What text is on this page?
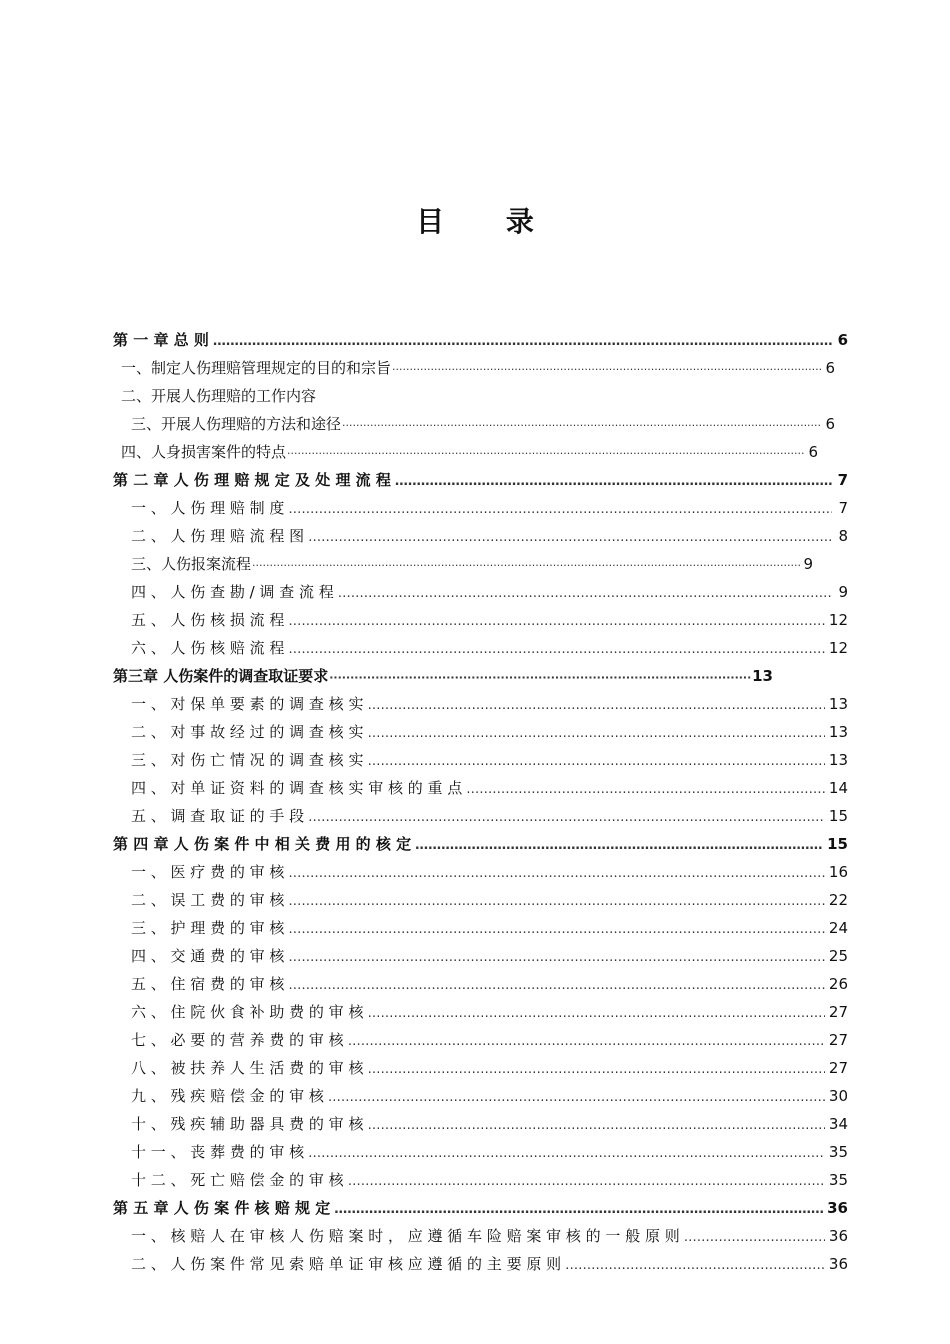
目 录
第 一 章 总 则 ………………………………………………………………………………………………………………………………………………………………………………………………………………………………	6
一、制定人伤理赔管理规定的目的和宗旨 ·····	6
二、开展人伤理赔的工作内容
三、开展人伤理赔的方法和途径 ·····	6
四、人身损害案件的特点 ·····	6
第 二 章 人 伤 理 赔 规 定 及 处 理 流 程 ………………………………………………………………………………………………………………………………………………………………………………………………………………………………	7
一 、 人 伤 理 赔 制 度 ………………………………………………………………………………………………………………………………………………………………………………………………………………………………	7
二 、 人 伤 理 赔 流 程 图 ………………………………………………………………………………………………………………………………………………………………………………………………………………………………	8
三、人伤报案流程 ·····	9
四 、 人 伤 查 勘 / 调 查 流 程 ………………………………………………………………………………………………………………………………………………………………………………………………………………………………	9
五 、 人 伤 核 损 流 程 ………………………………………………………………………………………………………………………………………………………………………………………………………………………………	12
六 、 人 伤 核 赔 流 程 ………………………………………………………………………………………………………………………………………………………………………………………………………………………………	12
第三章 人伤案件的调查取证要求 ·····	13
一 、 对 保 单 要 素 的 调 查 核 实 ………………………………………………………………………………………………………………………………………………………………………………………………………………………………	13
二 、 对 事 故 经 过 的 调 查 核 实 ………………………………………………………………………………………………………………………………………………………………………………………………………………………………	13
三 、 对 伤 亡 情 况 的 调 查 核 实 ………………………………………………………………………………………………………………………………………………………………………………………………………………………………	13
四 、 对 单 证 资 料 的 调 查 核 实 审 核 的 重 点 ………………………………………………………………………………………………………………………………………………………………………………………………………………………………	14
五 、 调 查 取 证 的 手 段 ………………………………………………………………………………………………………………………………………………………………………………………………………………………………	15
第 四 章 人 伤 案 件 中 相 关 费 用 的 核 定 ………………………………………………………………………………………………………………………………………………………………………………………………………………………………	15
一 、 医 疗 费 的 审 核 ………………………………………………………………………………………………………………………………………………………………………………………………………………………………	16
二 、 误 工 费 的 审 核 ………………………………………………………………………………………………………………………………………………………………………………………………………………………………	22
三 、 护 理 费 的 审 核 ………………………………………………………………………………………………………………………………………………………………………………………………………………………………	24
四 、 交 通 费 的 审 核 ………………………………………………………………………………………………………………………………………………………………………………………………………………………………	25
五 、 住 宿 费 的 审 核 ………………………………………………………………………………………………………………………………………………………………………………………………………………………………	26
六 、 住 院 伙 食 补 助 费 的 审 核 ………………………………………………………………………………………………………………………………………………………………………………………………………………………………	27
七 、 必 要 的 营 养 费 的 审 核 ………………………………………………………………………………………………………………………………………………………………………………………………………………………………	27
八 、 被 扶 养 人 生 活 费 的 审 核 ………………………………………………………………………………………………………………………………………………………………………………………………………………………………	27
九 、 残 疾 赔 偿 金 的 审 核 ………………………………………………………………………………………………………………………………………………………………………………………………………………………………	30
十 、 残 疾 辅 助 器 具 费 的 审 核 ………………………………………………………………………………………………………………………………………………………………………………………………………………………………	34
十 一 、 丧 葬 费 的 审 核 ………………………………………………………………………………………………………………………………………………………………………………………………………………………………	35
十 二 、 死 亡 赔 偿 金 的 审 核 ………………………………………………………………………………………………………………………………………………………………………………………………………………………………	35
第 五 章 人 伤 案 件 核 赔 规 定 ………………………………………………………………………………………………………………………………………………………………………………………………………………………………	36
一 、 核 赔 人 在 审 核 人 伤 赔 案 时 ， 应 遵 循 车 险 赔 案 审 核 的 一 般 原 则 ………………………………………………………………………………………………………………………………………………………………………………………………………………………………	36
二 、 人 伤 案 件 常 见 索 赔 单 证 审 核 应 遵 循 的 主 要 原 则 ………………………………………………………………………………………………………………………………………………………………………………………………………………………………	36
